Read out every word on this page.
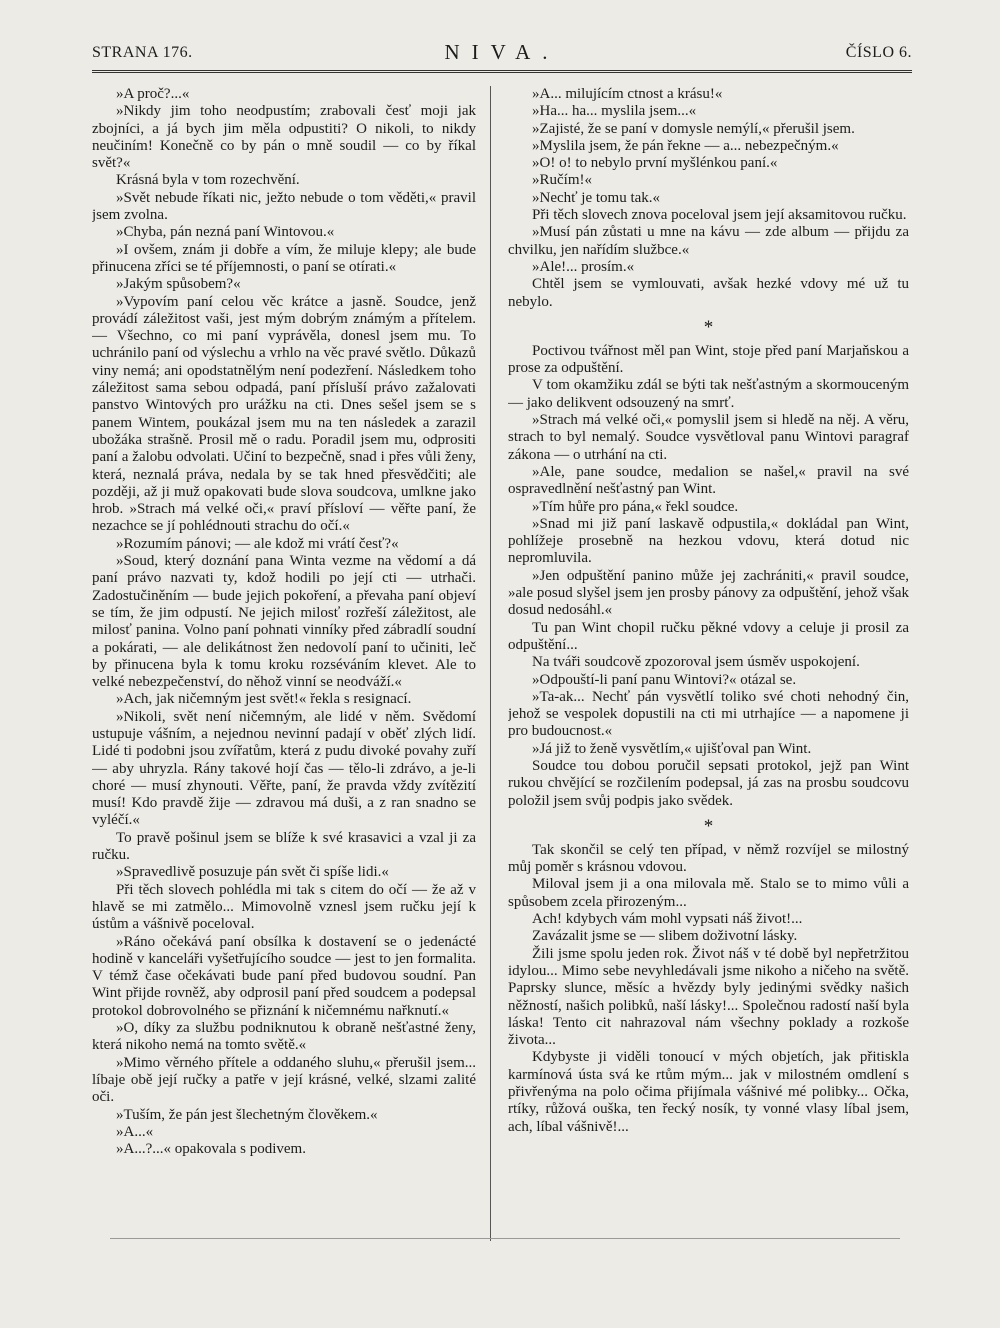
STRANA 176.	NIVA.	ČÍSLO 6.

»A proč?...«

»Nikdy jim toho neodpustím; zrabovali česť moji jak zbojníci, a já bych jim měla odpustiti? O nikoli, to nikdy neučiním! Konečně co by pán o mně soudil — co by říkal svět?«

Krásná byla v tom rozechvění.

»Svět nebude říkati nic, ježto nebude o tom věděti,« pravil jsem zvolna.

»Chyba, pán nezná paní Wintovou.«

»I ovšem, znám ji dobře a vím, že miluje klepy; ale bude přinucena zříci se té příjemnosti, o paní se otírati.«

»Jakým spůsobem?«

»Vypovím paní celou věc krátce a jasně. Soudce, jenž provádí záležitost vaši, jest mým dobrým známým a přítelem. — Všechno, co mi paní vyprávěla, donesl jsem mu. To uchránilo paní od výslechu a vrhlo na věc pravé světlo. Důkazů viny nemá; ani opodstatnělým není podezření. Následkem toho záležitost sama sebou odpadá, paní přísluší právo zažalovati panstvo Wintových pro urážku na cti. Dnes sešel jsem se s panem Wintem, poukázal jsem mu na ten následek a zarazil ubožáka strašně. Prosil mě o radu. Poradil jsem mu, odprositi paní a žalobu odvolati. Učiní to bezpečně, snad i přes vůli ženy, která, neznalá práva, nedala by se tak hned přesvědčiti; ale později, až ji muž opakovati bude slova soudcova, umlkne jako hrob. »Strach má velké oči,« praví přísloví — věřte paní, že nezachce se jí pohlédnouti strachu do očí.«

»Rozumím pánovi; — ale kdož mi vrátí česť?«

»Soud, který doznání pana Winta vezme na vědomí a dá paní právo nazvati ty, kdož hodili po její cti — utrhači. Zadostučiněním — bude jejich pokoření, a převaha paní objeví se tím, že jim odpustí. Ne jejich milosť rozřeší záležitost, ale milosť panina. Volno paní pohnati vinníky před zábradlí soudní a pokárati, — ale delikátnost žen nedovolí paní to učiniti, leč by přinucena byla k tomu kroku rozséváním klevet. Ale to velké nebezpečenství, do něhož vinní se neodváží.«

»Ach, jak ničemným jest svět!« řekla s resignací.

»Nikoli, svět není ničemným, ale lidé v něm. Svědomí ustupuje vášním, a nejednou nevinní padají v oběť zlých lidí. Lidé ti podobni jsou zvířatům, která z pudu divoké povahy zuří — aby uhryzla. Rány takové hojí čas — tělo-li zdrávo, a je-li choré — musí zhynouti. Věřte, paní, že pravda vždy zvítězití musí! Kdo pravdě žije — zdravou má duši, a z ran snadno se vyléčí.«

To pravě pošinul jsem se blíže k své krasavici a vzal ji za ručku.

»Spravedlivě posuzuje pán svět či spíše lidi.«

Při těch slovech pohlédla mi tak s citem do očí — že až v hlavě se mi zatmělo... Mimovolně vznesl jsem ručku její k ústům a vášnivě poceloval.

»Ráno očekává paní obsílka k dostavení se o jedenácté hodině v kanceláři vyšetřujícího soudce — jest to jen formalita. V témž čase očekávati bude paní před budovou soudní. Pan Wint přijde rovněž, aby odprosil paní před soudcem a podepsal protokol dobrovolného se přiznání k ničemnému nařknutí.«

»O, díky za službu podniknutou k obraně nešťastné ženy, která nikoho nemá na tomto světě.«

»Mimo věrného přítele a oddaného sluhu,« přerušil jsem... líbaje obě její ručky a patře v její krásné, velké, slzami zalité oči.

»Tuším, že pán jest šlechetným člověkem.«

»A...«

»A...?...« opakovala s podivem.

»A... milujícím ctnost a krásu!«

»Ha... ha... myslila jsem...«

»Zajisté, že se paní v domysle nemýlí,« přerušil jsem.

»Myslila jsem, že pán řekne — a... nebezpečným.«

»O! o! to nebylo první myšlénkou paní.«

»Ručím!«

»Nechť je tomu tak.«

Při těch slovech znova poceloval jsem její aksamitovou ručku.

»Musí pán zůstati u mne na kávu — zde album — přijdu za chvilku, jen nařídím službce.«

»Ale!... prosím.«

Chtěl jsem se vymlouvati, avšak hezké vdovy mé už tu nebylo.

*

Poctivou tvářnost měl pan Wint, stoje před paní Marjaňskou a prose za odpuštění.

V tom okamžiku zdál se býti tak nešťastným a skormouceným — jako delikvent odsouzený na smrť.

»Strach má velké oči,« pomyslil jsem si hledě na něj. A věru, strach to byl nemalý. Soudce vysvětloval panu Wintovi paragraf zákona — o utrhání na cti.

»Ale, pane soudce, medalion se našel,« pravil na své ospravedlnění nešťastný pan Wint.

»Tím hůře pro pána,« řekl soudce.

»Snad mi již paní laskavě odpustila,« dokládal pan Wint, pohlížeje prosebně na hezkou vdovu, která dotud nic nepromluvila.

»Jen odpuštění panino může jej zachrániti,« pravil soudce, »ale posud slyšel jsem jen prosby pánovy za odpuštění, jehož však dosud nedosáhl.«

Tu pan Wint chopil ručku pěkné vdovy a celuje ji prosil za odpuštění...

Na tváři soudcově zpozoroval jsem úsměv uspokojení.

»Odpouští-li paní panu Wintovi?« otázal se.

»Ta-ak... Nechť pán vysvětlí toliko své choti nehodný čin, jehož se vespolek dopustili na cti mi utrhajíce — a napomene ji pro budoucnost.«

»Já již to ženě vysvětlím,« ujišťoval pan Wint.

Soudce tou dobou poručil sepsati protokol, jejž pan Wint rukou chvějící se rozčilením podepsal, já zas na prosbu soudcovu položil jsem svůj podpis jako svědek.

*

Tak skončil se celý ten případ, v němž rozvíjel se milostný můj poměr s krásnou vdovou.

Miloval jsem ji a ona milovala mě. Stalo se to mimo vůli a spůsobem zcela přirozeným...

Ach! kdybych vám mohl vypsati náš život!...

Zavázalit jsme se — slibem doživotní lásky.

Žili jsme spolu jeden rok. Život náš v té době byl nepřetržitou idylou... Mimo sebe nevyhledávali jsme nikoho a ničeho na světě. Paprsky slunce, měsíc a hvězdy byly jedinými svědky našich něžností, našich polibků, naší lásky!... Společnou radostí naší byla láska! Tento cit nahrazoval nám všechny poklady a rozkoše života...

Kdybyste ji viděli tonoucí v mých objetích, jak přitiskla karmínová ústa svá ke rtům mým... jak v milostném omdlení s přivřenýma na polo očima přijímala vášnivé mé polibky... Očka, rtíky, růžová ouška, ten řecký nosík, ty vonné vlasy líbal jsem, ach, líbal vášnivě!...
